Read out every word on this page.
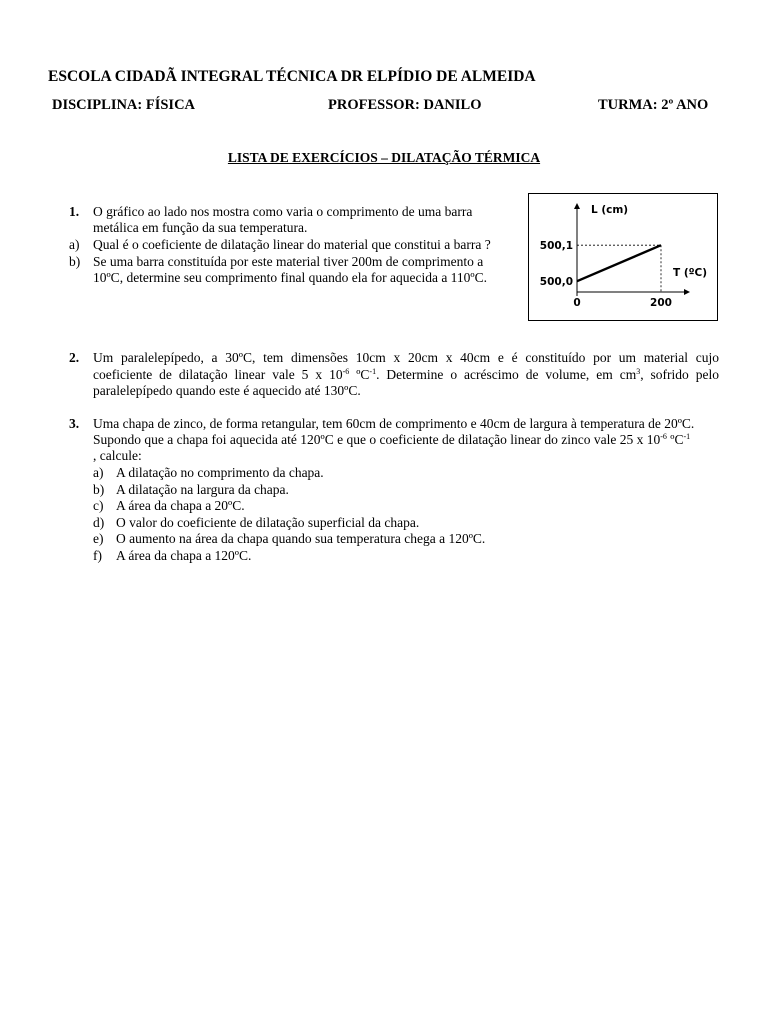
ESCOLA CIDADÃ INTEGRAL TÉCNICA DR ELPÍDIO DE ALMEIDA
DISCIPLINA: FÍSICA	PROFESSOR: DANILO	TURMA: 2º ANO
LISTA DE EXERCÍCIOS – DILATAÇÃO TÉRMICA
1. O gráfico ao lado nos mostra como varia o comprimento de uma barra
metálica em função da sua temperatura.
a) Qual é o coeficiente de dilatação linear do material que constitui a barra ?
b) Se uma barra constituída por este material tiver 200m de comprimento a
10ºC, determine seu comprimento final quando ela for aquecida a 110ºC.
L (cm)
500,1
500,0
T (ºC)
0	200
2. Um paralelepípedo, a 30ºC, tem dimensões 10cm x 20cm x 40cm e é constituído por um material cujo
coeficiente de dilatação linear vale 5 x $10^{-6}$ ºC$^{-1}$. Determine o acréscimo de volume, em $cm^3$, sofrido pelo
paralelepípedo quando este é aquecido até 130ºC.
3. Uma chapa de zinco, de forma retangular, tem 60cm de comprimento e 40cm de largura à temperatura de 20ºC.
Supondo que a chapa foi aquecida até 120ºC e que o coeficiente de dilatação linear do zinco vale 25 x $10^{-6}$ ºC$^{-1}$
, calcule:
a) A dilatação no comprimento da chapa.
b) A dilatação na largura da chapa.
c) A área da chapa a 20ºC.
d) O valor do coeficiente de dilatação superficial da chapa.
e) O aumento na área da chapa quando sua temperatura chega a 120ºC.
f) A área da chapa a 120ºC.
